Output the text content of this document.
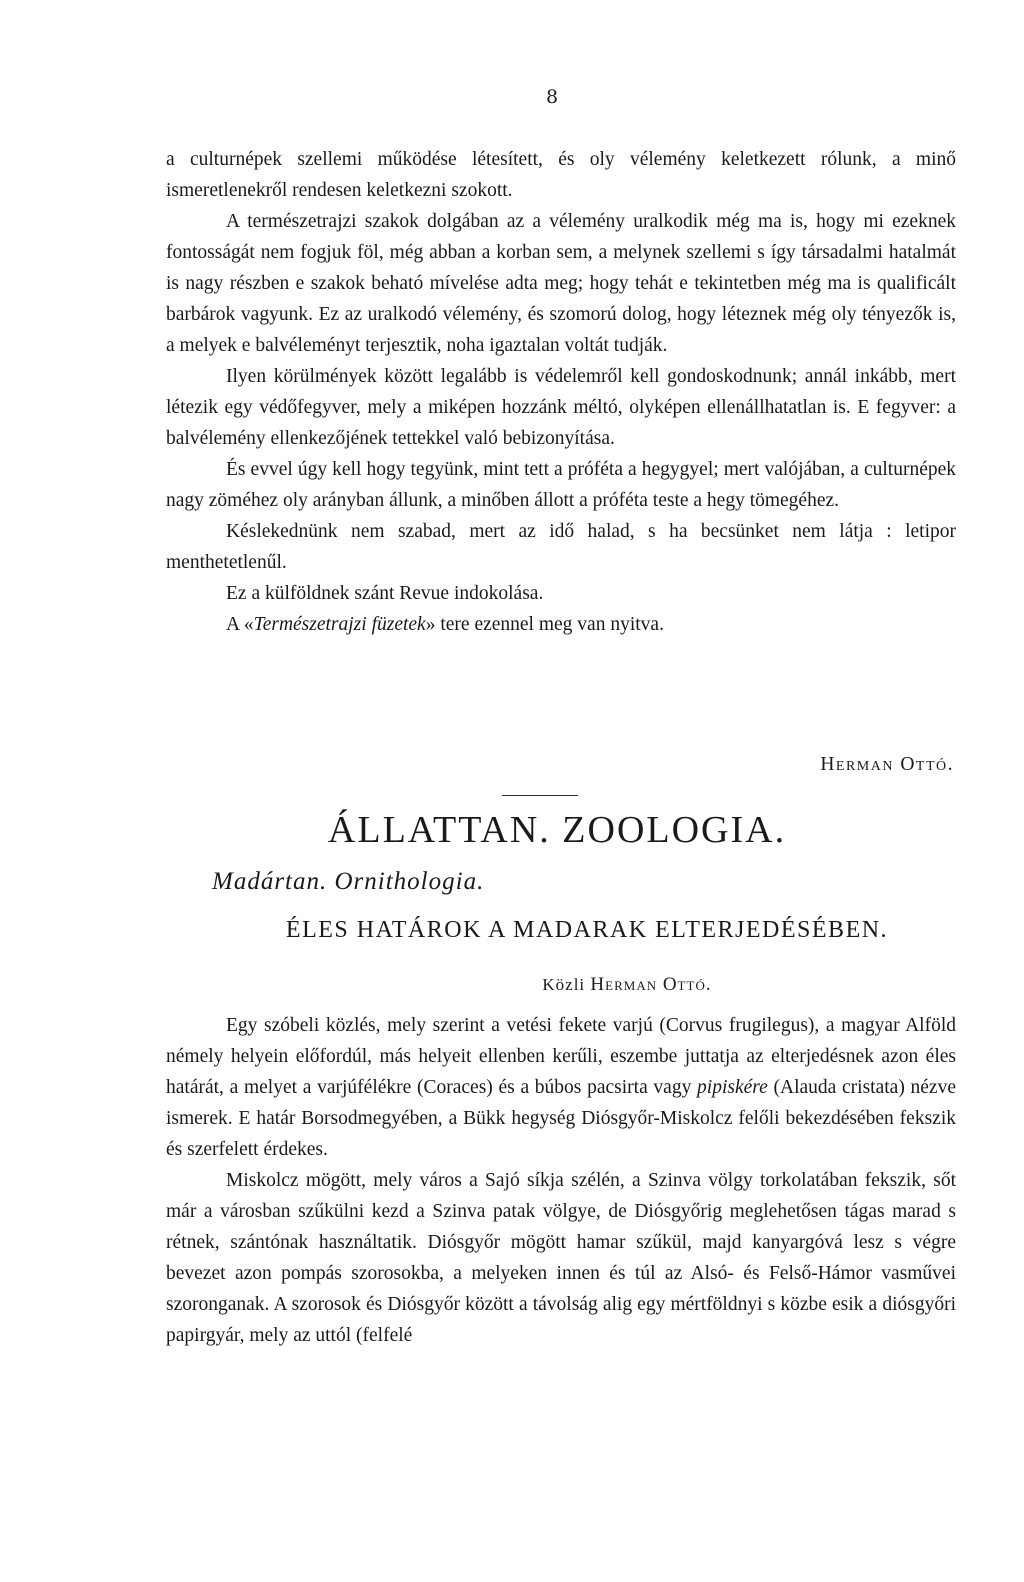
8

a culturnépek szellemi működése létesített, és oly vélemény keletkezett rólunk, a minő ismeretlenekről rendesen keletkezni szokott.

A természetrajzi szakok dolgában az a vélemény uralkodik még ma is, hogy mi ezeknek fontosságát nem fogjuk föl, még abban a korban sem, a melynek szellemi s így társadalmi hatalmát is nagy részben e szakok beható mívelése adta meg; hogy tehát e tekintetben még ma is qualificált barbárok vagyunk. Ez az uralkodó vélemény, és szomorú dolog, hogy léteznek még oly tényezők is, a melyek e balvéleményt terjesztik, noha igaztalan voltát tudják.

Ilyen körülmények között legalább is védelemről kell gondoskodnunk; annál inkább, mert létezik egy védőfegyver, mely a miképen hozzánk méltó, olyképen ellenállhatatlan is. E fegyver: a balvélemény ellenkezőjének tettekkel való bebizonyítása.

És evvel úgy kell hogy tegyünk, mint tett a próféta a hegygyel; mert valójában, a culturnépek nagy zöméhez oly arányban állunk, a minőben állott a próféta teste a hegy tömegéhez.

Késlekednünk nem szabad, mert az idő halad, s ha becsünket nem látja : letipor menthetetlenűl.

Ez a külföldnek szánt Revue indokolása.

A «Természetrajzi füzetek» tere ezennel meg van nyitva.

Herman Ottó.
ÁLLATTAN. ZOOLOGIA.
Madártan. Ornithologia.
ÉLES HATÁROK A MADARAK ELTERJEDÉSÉBEN.
Közli Herman Ottó.

Egy szóbeli közlés, mely szerint a vetési fekete varjú (Corvus frugilegus), a magyar Alföld némely helyein előfordúl, más helyeit ellenben kerűli, eszembe juttatja az elterjedésnek azon éles határát, a melyet a varjúfélékre (Coraces) és a búbos pacsirta vagy pipiskére (Alauda cristata) nézve ismerek. E határ Borsodmegyében, a Bükk hegység Diósgyőr-Miskolcz felőli bekezdésében fekszik és szerfelett érdekes.

Miskolcz mögött, mely város a Sajó síkja szélén, a Szinva völgy torkolatában fekszik, sőt már a városban szűkülni kezd a Szinva patak völgye, de Diósgyőrig meglehetősen tágas marad s rétnek, szántónak használtatik. Diósgyőr mögött hamar szűkül, majd kanyargóvá lesz s végre bevezet azon pompás szorosokba, a melyeken innen és túl az Alsó- és Felső-Hámor vasművei szoronganak. A szorosok és Diósgyőr között a távolság alig egy mértföldnyi s közbe esik a diósgyőri papirgyár, mely az uttól (felfelé
